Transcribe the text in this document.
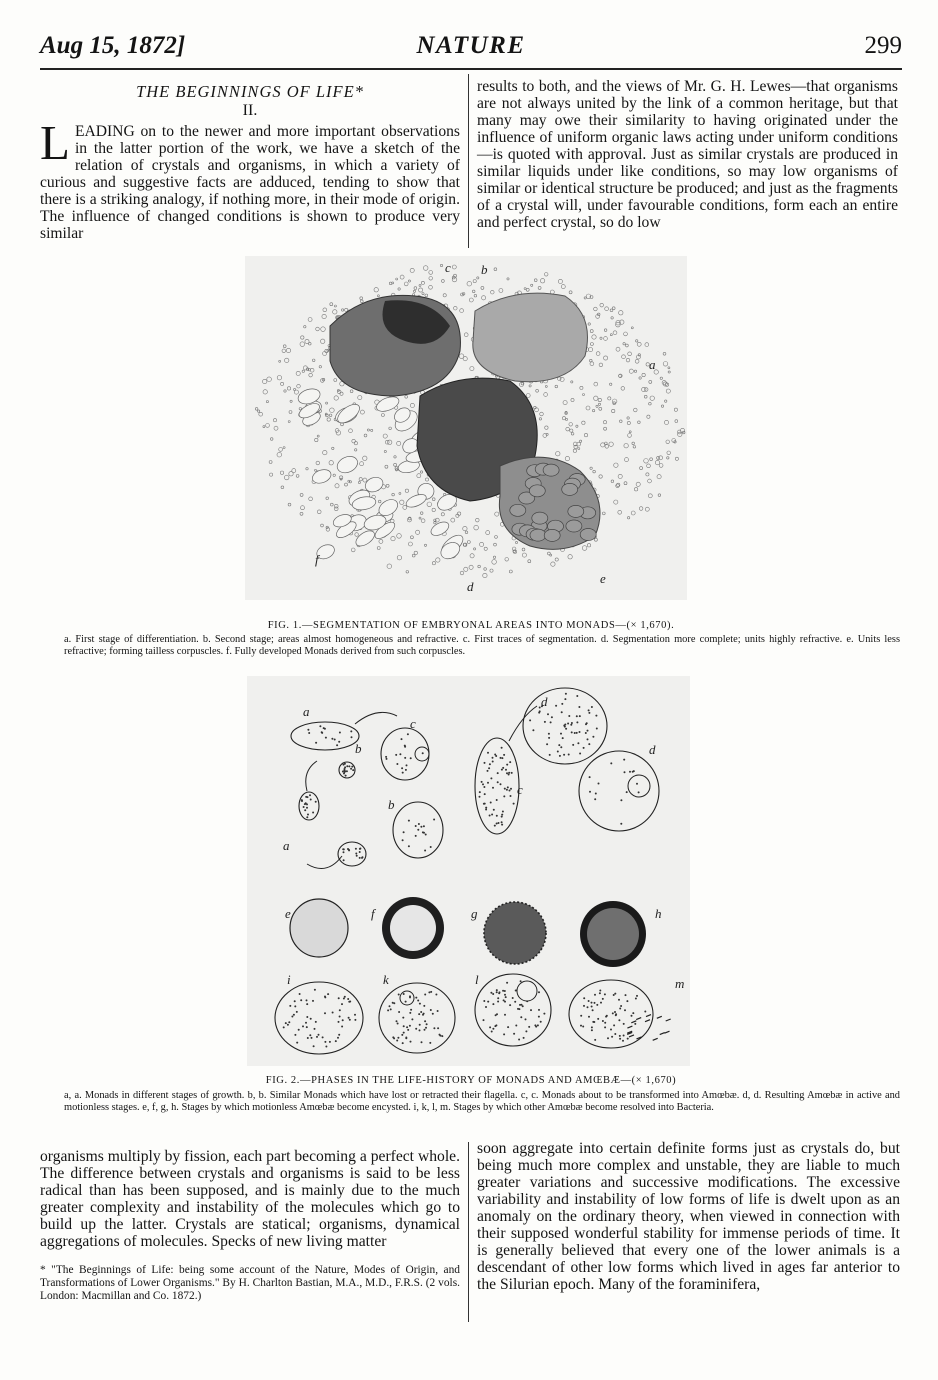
Aug 15, 1872]	NATURE	299
THE BEGINNINGS OF LIFE*
II.

LEADING on to the newer and more important observations in the latter portion of the work, we have a sketch of the relation of crystals and organisms, in which a variety of curious and suggestive facts are adduced, tending to show that there is a striking analogy, if nothing more, in their mode of origin. The influence of changed conditions is shown to produce very similar

results to both, and the views of Mr. G. H. Lewes—that organisms are not always united by the link of a common heritage, but that many may owe their similarity to having originated under the influence of uniform organic laws acting under uniform conditions—is quoted with approval. Just as similar crystals are produced in similar liquids under like conditions, so may low organisms of similar or identical structure be produced; and just as the fragments of a crystal will, under favourable conditions, form each an entire and perfect crystal, so do low

a
b
c
d
e
f
FIG. 1.—SEGMENTATION OF EMBRYONAL AREAS INTO MONADS—(× 1,670).
a. First stage of differentiation. b. Second stage; areas almost homogeneous and refractive. c. First traces of segmentation. d. Segmentation more complete; units highly refractive. e. Units less refractive; forming tailless corpuscles. f. Fully developed Monads derived from such corpuscles.
a
a
b
b
c
c
d
d
e	f	g	h
i	k	l	m
FIG. 2.—PHASES IN THE LIFE-HISTORY OF MONADS AND AMŒBÆ—(× 1,670)
a, a. Monads in different stages of growth. b, b. Similar Monads which have lost or retracted their flagella. c, c. Monads about to be transformed into Amœbæ. d, d. Resulting Amœbæ in active and motionless stages. e, f, g, h. Stages by which motionless Amœbæ become encysted. i, k, l, m. Stages by which other Amœbæ become resolved into Bacteria.

organisms multiply by fission, each part becoming a perfect whole. The difference between crystals and organisms is said to be less radical than has been supposed, and is mainly due to the much greater complexity and instability of the molecules which go to build up the latter. Crystals are statical; organisms, dynamical aggregations of molecules. Specks of new living matter

* "The Beginnings of Life: being some account of the Nature, Modes of Origin, and Transformations of Lower Organisms." By H. Charlton Bastian, M.A., M.D., F.R.S. (2 vols. London: Macmillan and Co. 1872.)

soon aggregate into certain definite forms just as crystals do, but being much more complex and unstable, they are liable to much greater variations and successive modifications. The excessive variability and instability of low forms of life is dwelt upon as an anomaly on the ordinary theory, when viewed in connection with their supposed wonderful stability for immense periods of time. It is generally believed that every one of the lower animals is a descendant of other low forms which lived in ages far anterior to the Silurian epoch. Many of the foraminifera,
